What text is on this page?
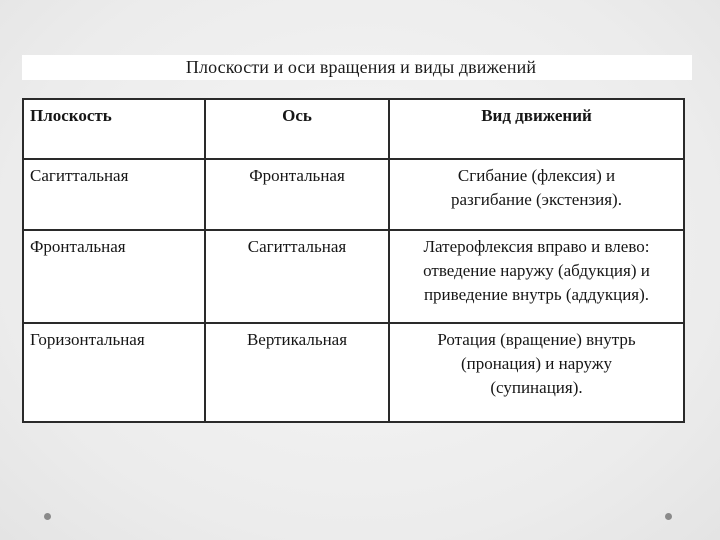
Плоскости и оси вращения и виды движений
Плоскость	Ось	Вид движений
Сагиттальная	Фронтальная	Сгибание (флексия) и
разгибание (экстензия).

Фронтальная	Сагиттальная	Латерофлексия вправо и влево:
отведение наружу (абдукция) и
приведение внутрь (аддукция).

Горизонтальная	Вертикальная	Ротация (вращение) внутрь
(пронация) и наружу
(супинация).
